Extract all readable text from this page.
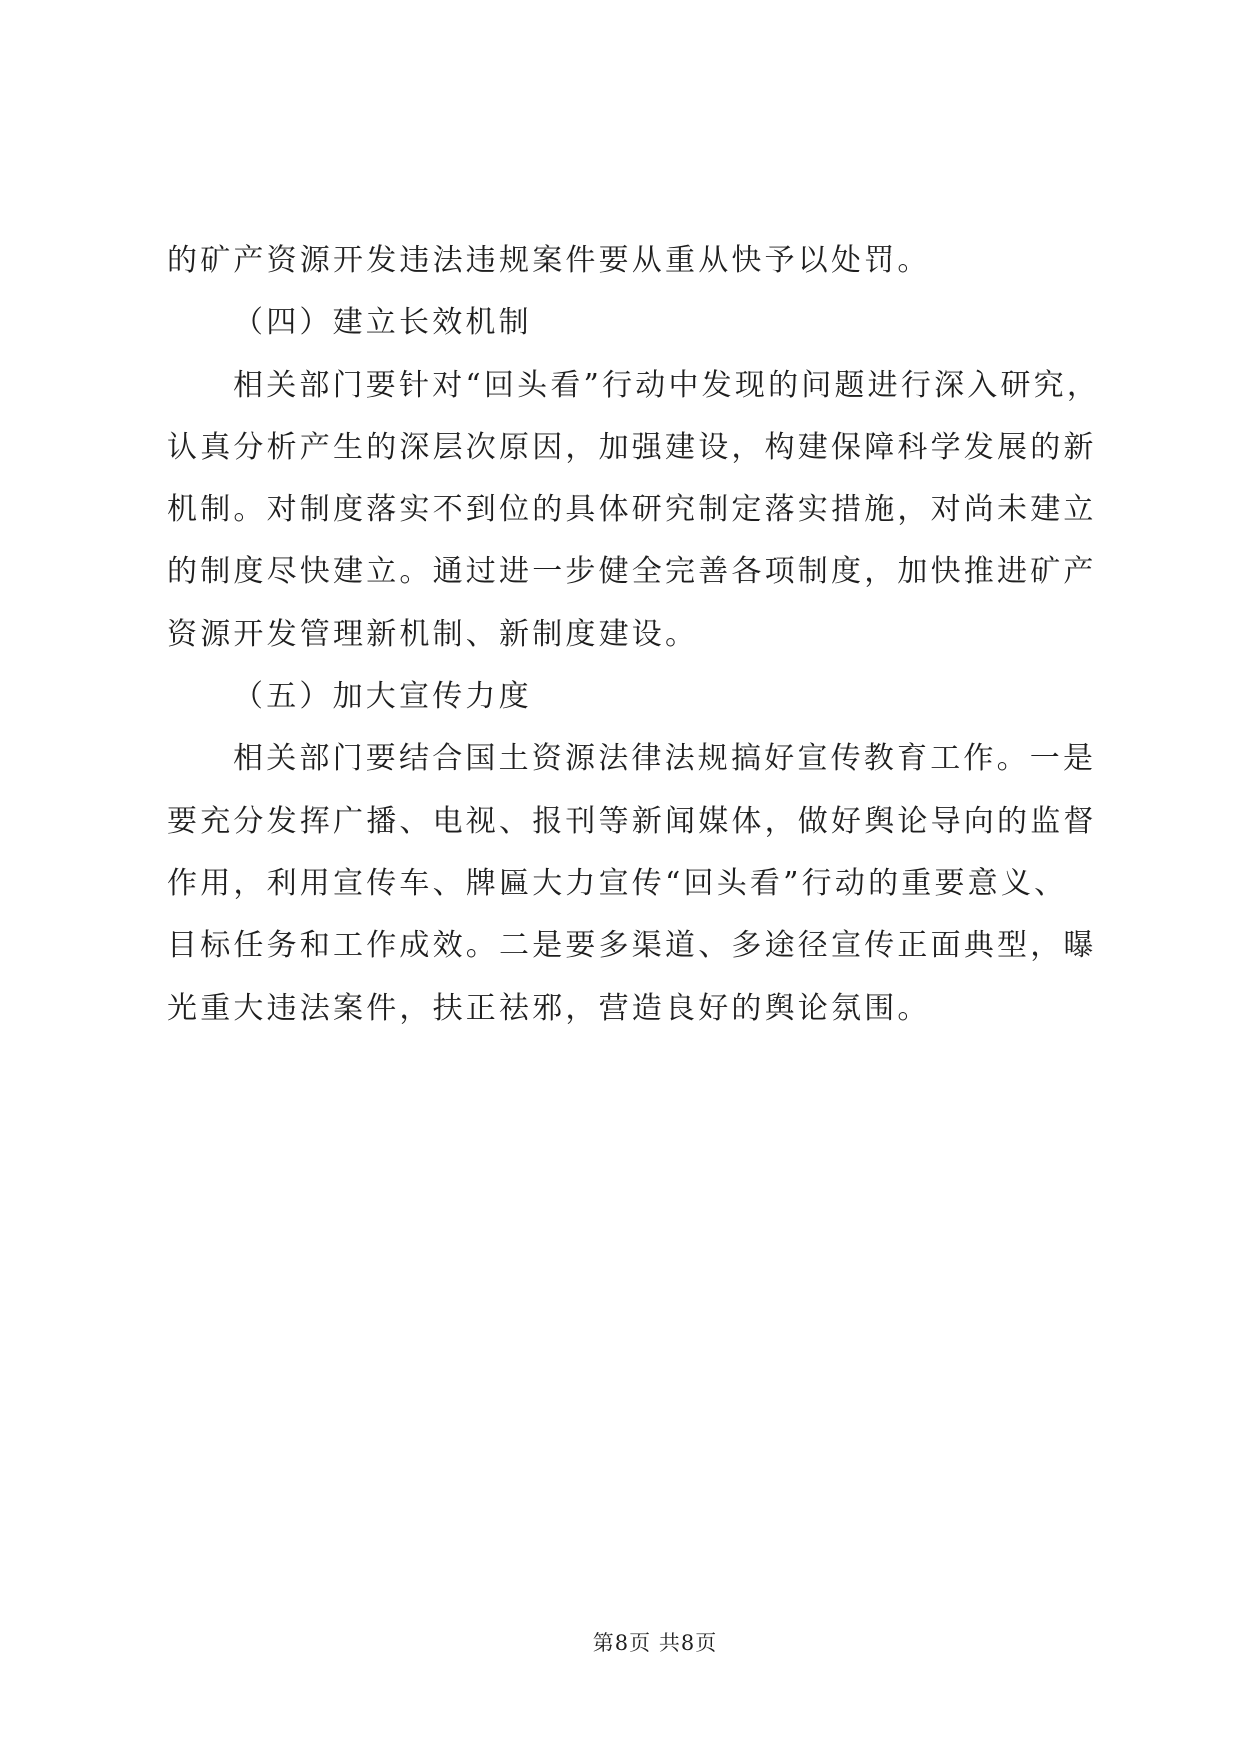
的矿产资源开发违法违规案件要从重从快予以处罚。
（四）建立长效机制
相关部门要针对“回头看”行动中发现的问题进行深入研究，
认真分析产生的深层次原因，加强建设，构建保障科学发展的新
机制。对制度落实不到位的具体研究制定落实措施，对尚未建立
的制度尽快建立。通过进一步健全完善各项制度，加快推进矿产
资源开发管理新机制、新制度建设。
（五）加大宣传力度
相关部门要结合国土资源法律法规搞好宣传教育工作。一是
要充分发挥广播、电视、报刊等新闻媒体，做好舆论导向的监督
作用，利用宣传车、牌匾大力宣传“回头看”行动的重要意义、
目标任务和工作成效。二是要多渠道、多途径宣传正面典型，曝
光重大违法案件，扶正祛邪，营造良好的舆论氛围。
第8页 共8页
